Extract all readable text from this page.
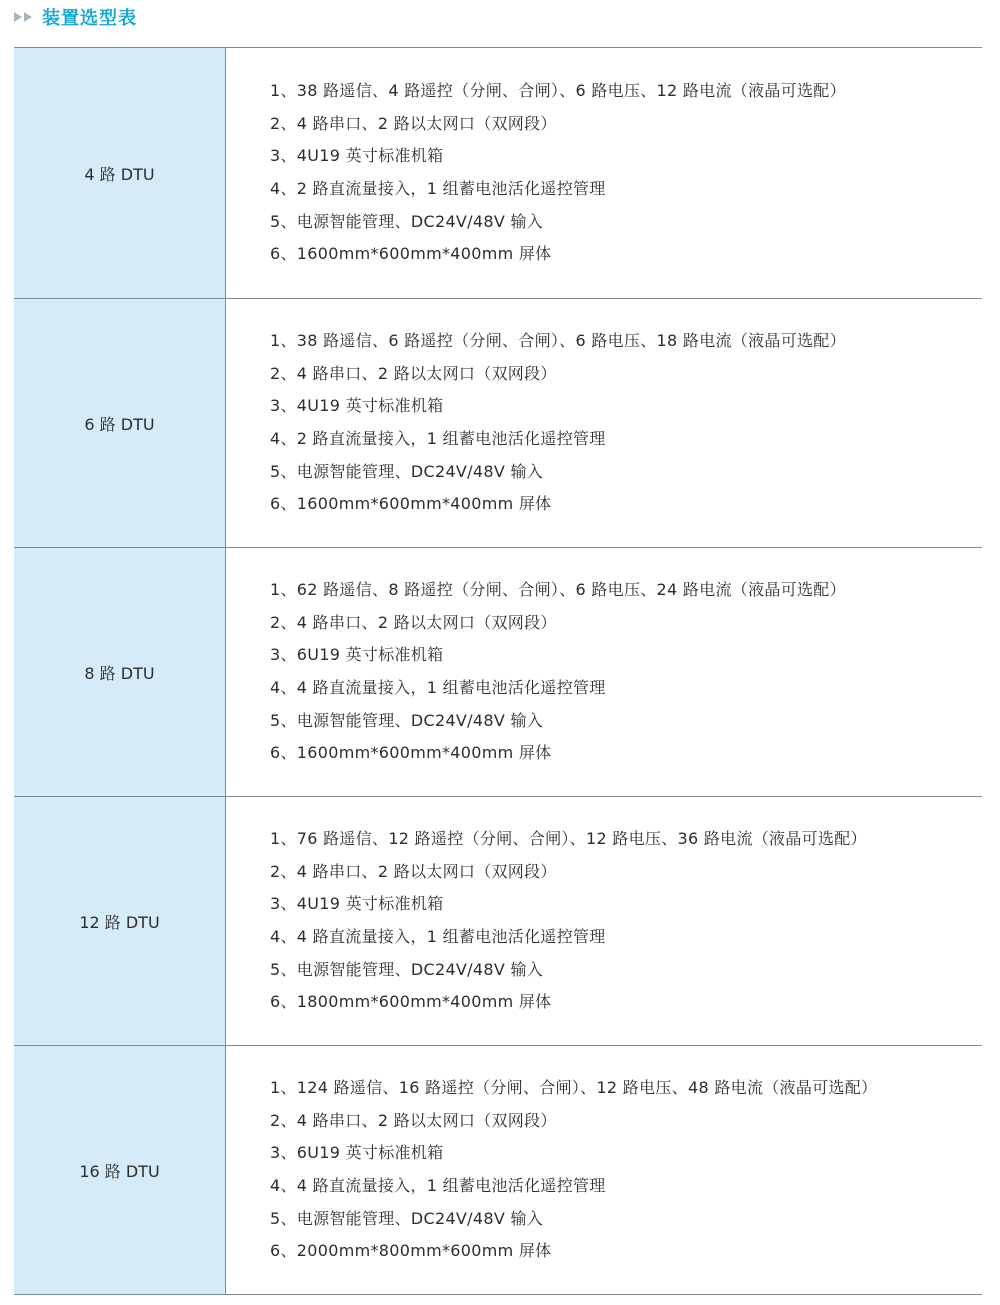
装置选型表
4 路 DTU
1、38 路遥信、4 路遥控（分闸、合闸）、6 路电压、12 路电流（液晶可选配）
2、4 路串口、2 路以太网口（双网段）
3、4U19 英寸标准机箱
4、2 路直流量接入，1 组蓄电池活化遥控管理
5、电源智能管理、DC24V/48V 输入
6、1600mm*600mm*400mm 屏体
6 路 DTU
1、38 路遥信、6 路遥控（分闸、合闸）、6 路电压、18 路电流（液晶可选配）
2、4 路串口、2 路以太网口（双网段）
3、4U19 英寸标准机箱
4、2 路直流量接入，1 组蓄电池活化遥控管理
5、电源智能管理、DC24V/48V 输入
6、1600mm*600mm*400mm 屏体
8 路 DTU
1、62 路遥信、8 路遥控（分闸、合闸）、6 路电压、24 路电流（液晶可选配）
2、4 路串口、2 路以太网口（双网段）
3、6U19 英寸标准机箱
4、4 路直流量接入，1 组蓄电池活化遥控管理
5、电源智能管理、DC24V/48V 输入
6、1600mm*600mm*400mm 屏体
12 路 DTU
1、76 路遥信、12 路遥控（分闸、合闸）、12 路电压、36 路电流（液晶可选配）
2、4 路串口、2 路以太网口（双网段）
3、4U19 英寸标准机箱
4、4 路直流量接入，1 组蓄电池活化遥控管理
5、电源智能管理、DC24V/48V 输入
6、1800mm*600mm*400mm 屏体
16 路 DTU
1、124 路遥信、16 路遥控（分闸、合闸）、12 路电压、48 路电流（液晶可选配）
2、4 路串口、2 路以太网口（双网段）
3、6U19 英寸标准机箱
4、4 路直流量接入，1 组蓄电池活化遥控管理
5、电源智能管理、DC24V/48V 输入
6、2000mm*800mm*600mm 屏体
